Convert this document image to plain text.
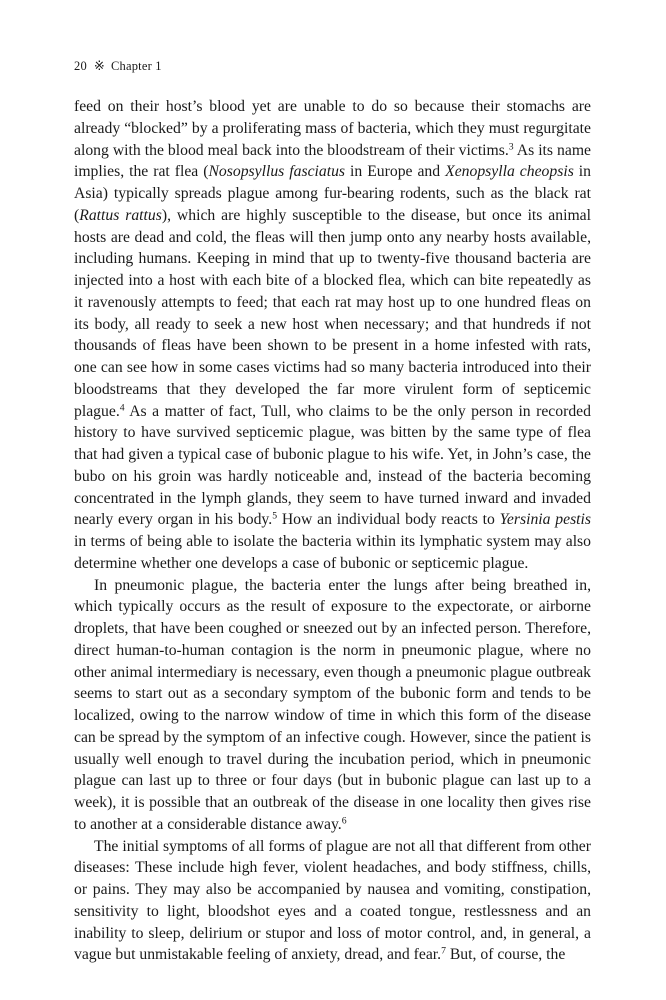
20 ※ Chapter 1

feed on their host’s blood yet are unable to do so because their stomachs are already “blocked” by a proliferating mass of bacteria, which they must regurgitate along with the blood meal back into the bloodstream of their victims.$^3$ As its name implies, the rat flea (Nosopsyllus fasciatus in Europe and Xenopsylla cheopsis in Asia) typically spreads plague among fur-bearing rodents, such as the black rat (Rattus rattus), which are highly susceptible to the disease, but once its animal hosts are dead and cold, the fleas will then jump onto any nearby hosts available, including humans. Keeping in mind that up to twenty-five thousand bacteria are injected into a host with each bite of a blocked flea, which can bite repeatedly as it ravenously attempts to feed; that each rat may host up to one hundred fleas on its body, all ready to seek a new host when necessary; and that hundreds if not thousands of fleas have been shown to be present in a home infested with rats, one can see how in some cases victims had so many bacteria introduced into their bloodstreams that they developed the far more virulent form of septicemic plague.$^4$ As a matter of fact, Tull, who claims to be the only person in recorded history to have survived septicemic plague, was bitten by the same type of flea that had given a typical case of bubonic plague to his wife. Yet, in John’s case, the bubo on his groin was hardly noticeable and, instead of the bacteria becoming concentrated in the lymph glands, they seem to have turned inward and invaded nearly every organ in his body.$^5$ How an individual body reacts to Yersinia pestis in terms of being able to isolate the bacteria within its lymphatic system may also determine whether one develops a case of bubonic or septicemic plague.

In pneumonic plague, the bacteria enter the lungs after being breathed in, which typically occurs as the result of exposure to the expectorate, or airborne droplets, that have been coughed or sneezed out by an infected person. Therefore, direct human-to-human contagion is the norm in pneumonic plague, where no other animal intermediary is necessary, even though a pneumonic plague outbreak seems to start out as a secondary symptom of the bubonic form and tends to be localized, owing to the narrow window of time in which this form of the disease can be spread by the symptom of an infective cough. However, since the patient is usually well enough to travel during the incubation period, which in pneumonic plague can last up to three or four days (but in bubonic plague can last up to a week), it is possible that an outbreak of the disease in one locality then gives rise to another at a considerable distance away.$^6$

The initial symptoms of all forms of plague are not all that different from other diseases: These include high fever, violent headaches, and body stiffness, chills, or pains. They may also be accompanied by nausea and vomiting, constipation, sensitivity to light, bloodshot eyes and a coated tongue, restlessness and an inability to sleep, delirium or stupor and loss of motor control, and, in general, a vague but unmistakable feeling of anxiety, dread, and fear.$^7$ But, of course, the
